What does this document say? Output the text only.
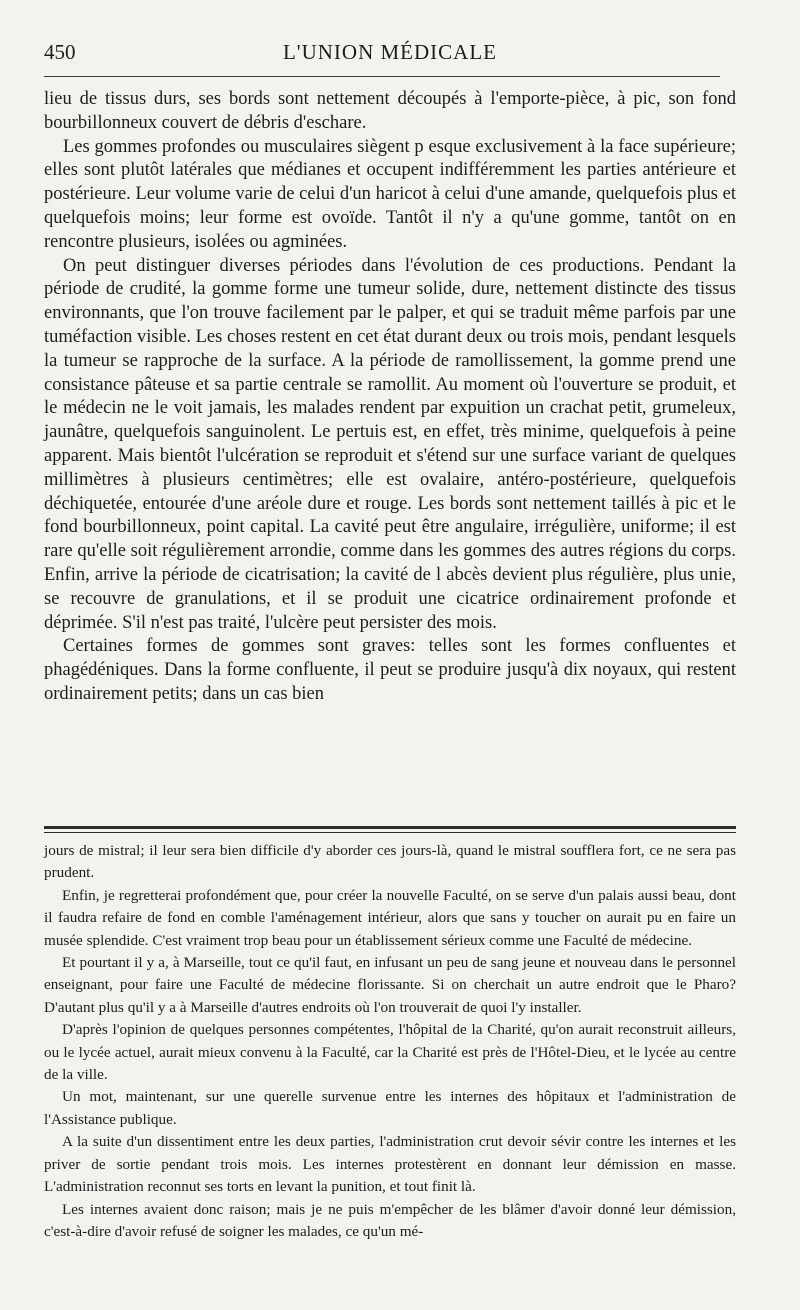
450	L'UNION MÉDICALE

lieu de tissus durs, ses bords sont nettement découpés à l'emporte-pièce, à pic, son fond bourbillonneux couvert de débris d'eschare.

Les gommes profondes ou musculaires siègent p esque exclusivement à la face supérieure; elles sont plutôt latérales que médianes et occupent indifféremment les parties antérieure et postérieure. Leur volume varie de celui d'un haricot à celui d'une amande, quelquefois plus et quelquefois moins; leur forme est ovoïde. Tantôt il n'y a qu'une gomme, tantôt on en rencontre plusieurs, isolées ou agminées.

On peut distinguer diverses périodes dans l'évolution de ces productions. Pendant la période de crudité, la gomme forme une tumeur solide, dure, nettement distincte des tissus environnants, que l'on trouve facilement par le palper, et qui se traduit même parfois par une tuméfaction visible. Les choses restent en cet état durant deux ou trois mois, pendant lesquels la tumeur se rapproche de la surface. A la période de ramollissement, la gomme prend une consistance pâteuse et sa partie centrale se ramollit. Au moment où l'ouverture se produit, et le médecin ne le voit jamais, les malades rendent par expuition un crachat petit, grumeleux, jaunâtre, quelquefois sanguinolent. Le pertuis est, en effet, très minime, quelquefois à peine apparent. Mais bientôt l'ulcération se reproduit et s'étend sur une surface variant de quelques millimètres à plusieurs centimètres; elle est ovalaire, antéro-postérieure, quelquefois déchiquetée, entourée d'une aréole dure et rouge. Les bords sont nettement taillés à pic et le fond bourbillonneux, point capital. La cavité peut être angulaire, irrégulière, uniforme; il est rare qu'elle soit régulièrement arrondie, comme dans les gommes des autres régions du corps. Enfin, arrive la période de cicatrisation; la cavité de l abcès devient plus régulière, plus unie, se recouvre de granulations, et il se produit une cicatrice ordinairement profonde et déprimée. S'il n'est pas traité, l'ulcère peut persister des mois.

Certaines formes de gommes sont graves: telles sont les formes confluentes et phagédéniques. Dans la forme confluente, il peut se produire jusqu'à dix noyaux, qui restent ordinairement petits; dans un cas bien

jours de mistral; il leur sera bien difficile d'y aborder ces jours-là, quand le mistral soufflera fort, ce ne sera pas prudent.

Enfin, je regretterai profondément que, pour créer la nouvelle Faculté, on se serve d'un palais aussi beau, dont il faudra refaire de fond en comble l'aménagement intérieur, alors que sans y toucher on aurait pu en faire un musée splendide. C'est vraiment trop beau pour un établissement sérieux comme une Faculté de médecine.

Et pourtant il y a, à Marseille, tout ce qu'il faut, en infusant un peu de sang jeune et nouveau dans le personnel enseignant, pour faire une Faculté de médecine florissante. Si on cherchait un autre endroit que le Pharo? D'autant plus qu'il y a à Marseille d'autres endroits où l'on trouverait de quoi l'y installer.

D'après l'opinion de quelques personnes compétentes, l'hôpital de la Charité, qu'on aurait reconstruit ailleurs, ou le lycée actuel, aurait mieux convenu à la Faculté, car la Charité est près de l'Hôtel-Dieu, et le lycée au centre de la ville.

Un mot, maintenant, sur une querelle survenue entre les internes des hôpitaux et l'administration de l'Assistance publique.

A la suite d'un dissentiment entre les deux parties, l'administration crut devoir sévir contre les internes et les priver de sortie pendant trois mois. Les internes protestèrent en donnant leur démission en masse. L'administration reconnut ses torts en levant la punition, et tout finit là.

Les internes avaient donc raison; mais je ne puis m'empêcher de les blâmer d'avoir donné leur démission, c'est-à-dire d'avoir refusé de soigner les malades, ce qu'un mé-
